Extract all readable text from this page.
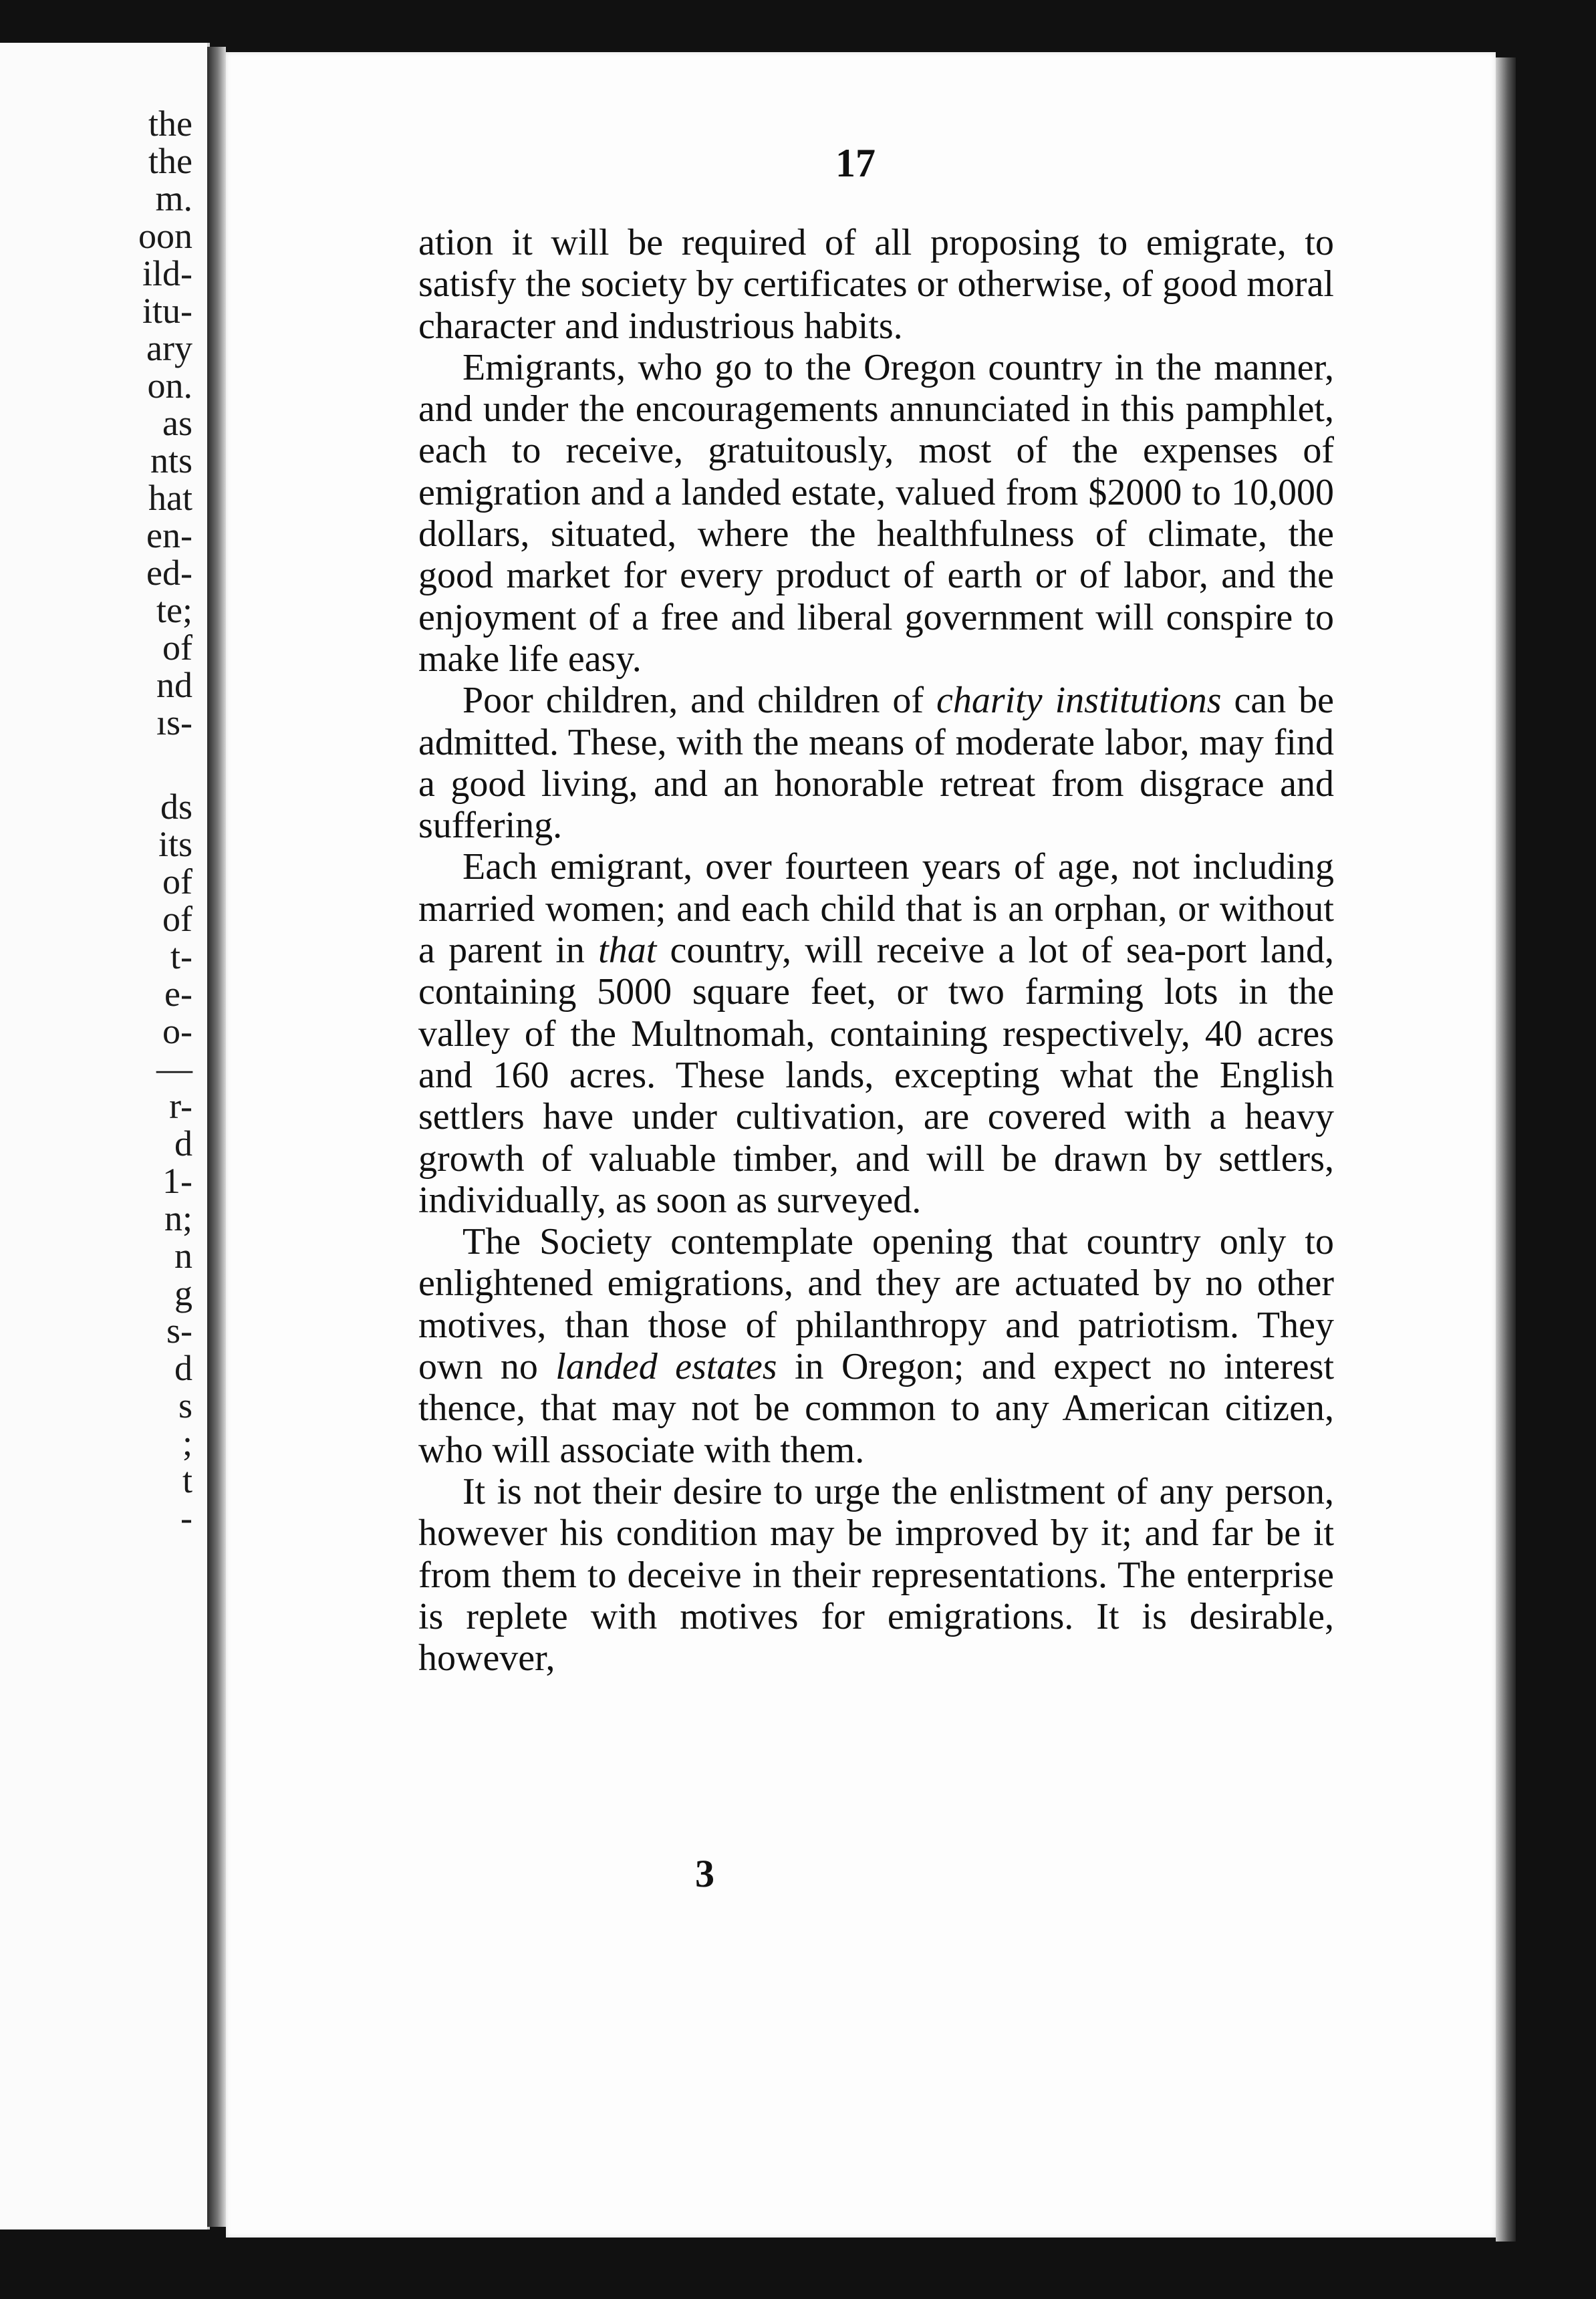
the
the
m.
oon
ild-
itu-
ary
on.
as
nts
hat
en-
ed-
te;
of
nd
ıs-
ds
its
of
of
t-
e-
o-
—
r-
d
1-
n;
n
g
s-
d
s
;
t
-
17

ation it will be required of all proposing to emigrate, to satisfy the society by certificates or otherwise, of good moral character and industrious habits.

Emigrants, who go to the Oregon country in the manner, and under the encouragements annunciated in this pamphlet, each to receive, gratuitously, most of the expenses of emigration and a landed estate, valued from $2000 to 10,000 dollars, situated, where the healthfulness of climate, the good market for every product of earth or of labor, and the enjoyment of a free and liberal government will conspire to make life easy.

Poor children, and children of charity institutions can be admitted. These, with the means of moderate labor, may find a good living, and an honorable retreat from disgrace and suffering.

Each emigrant, over fourteen years of age, not including married women; and each child that is an orphan, or without a parent in that country, will receive a lot of sea-port land, containing 5000 square feet, or two farming lots in the valley of the Multnomah, containing respectively, 40 acres and 160 acres. These lands, excepting what the English settlers have under cultivation, are covered with a heavy growth of valuable timber, and will be drawn by settlers, individually, as soon as surveyed.

The Society contemplate opening that country only to enlightened emigrations, and they are actuated by no other motives, than those of philanthropy and patriotism. They own no landed estates in Oregon; and expect no interest thence, that may not be common to any American citizen, who will associate with them.

It is not their desire to urge the enlistment of any person, however his condition may be improved by it; and far be it from them to deceive in their representations. The enterprise is replete with motives for emigrations. It is desirable, however,

3
